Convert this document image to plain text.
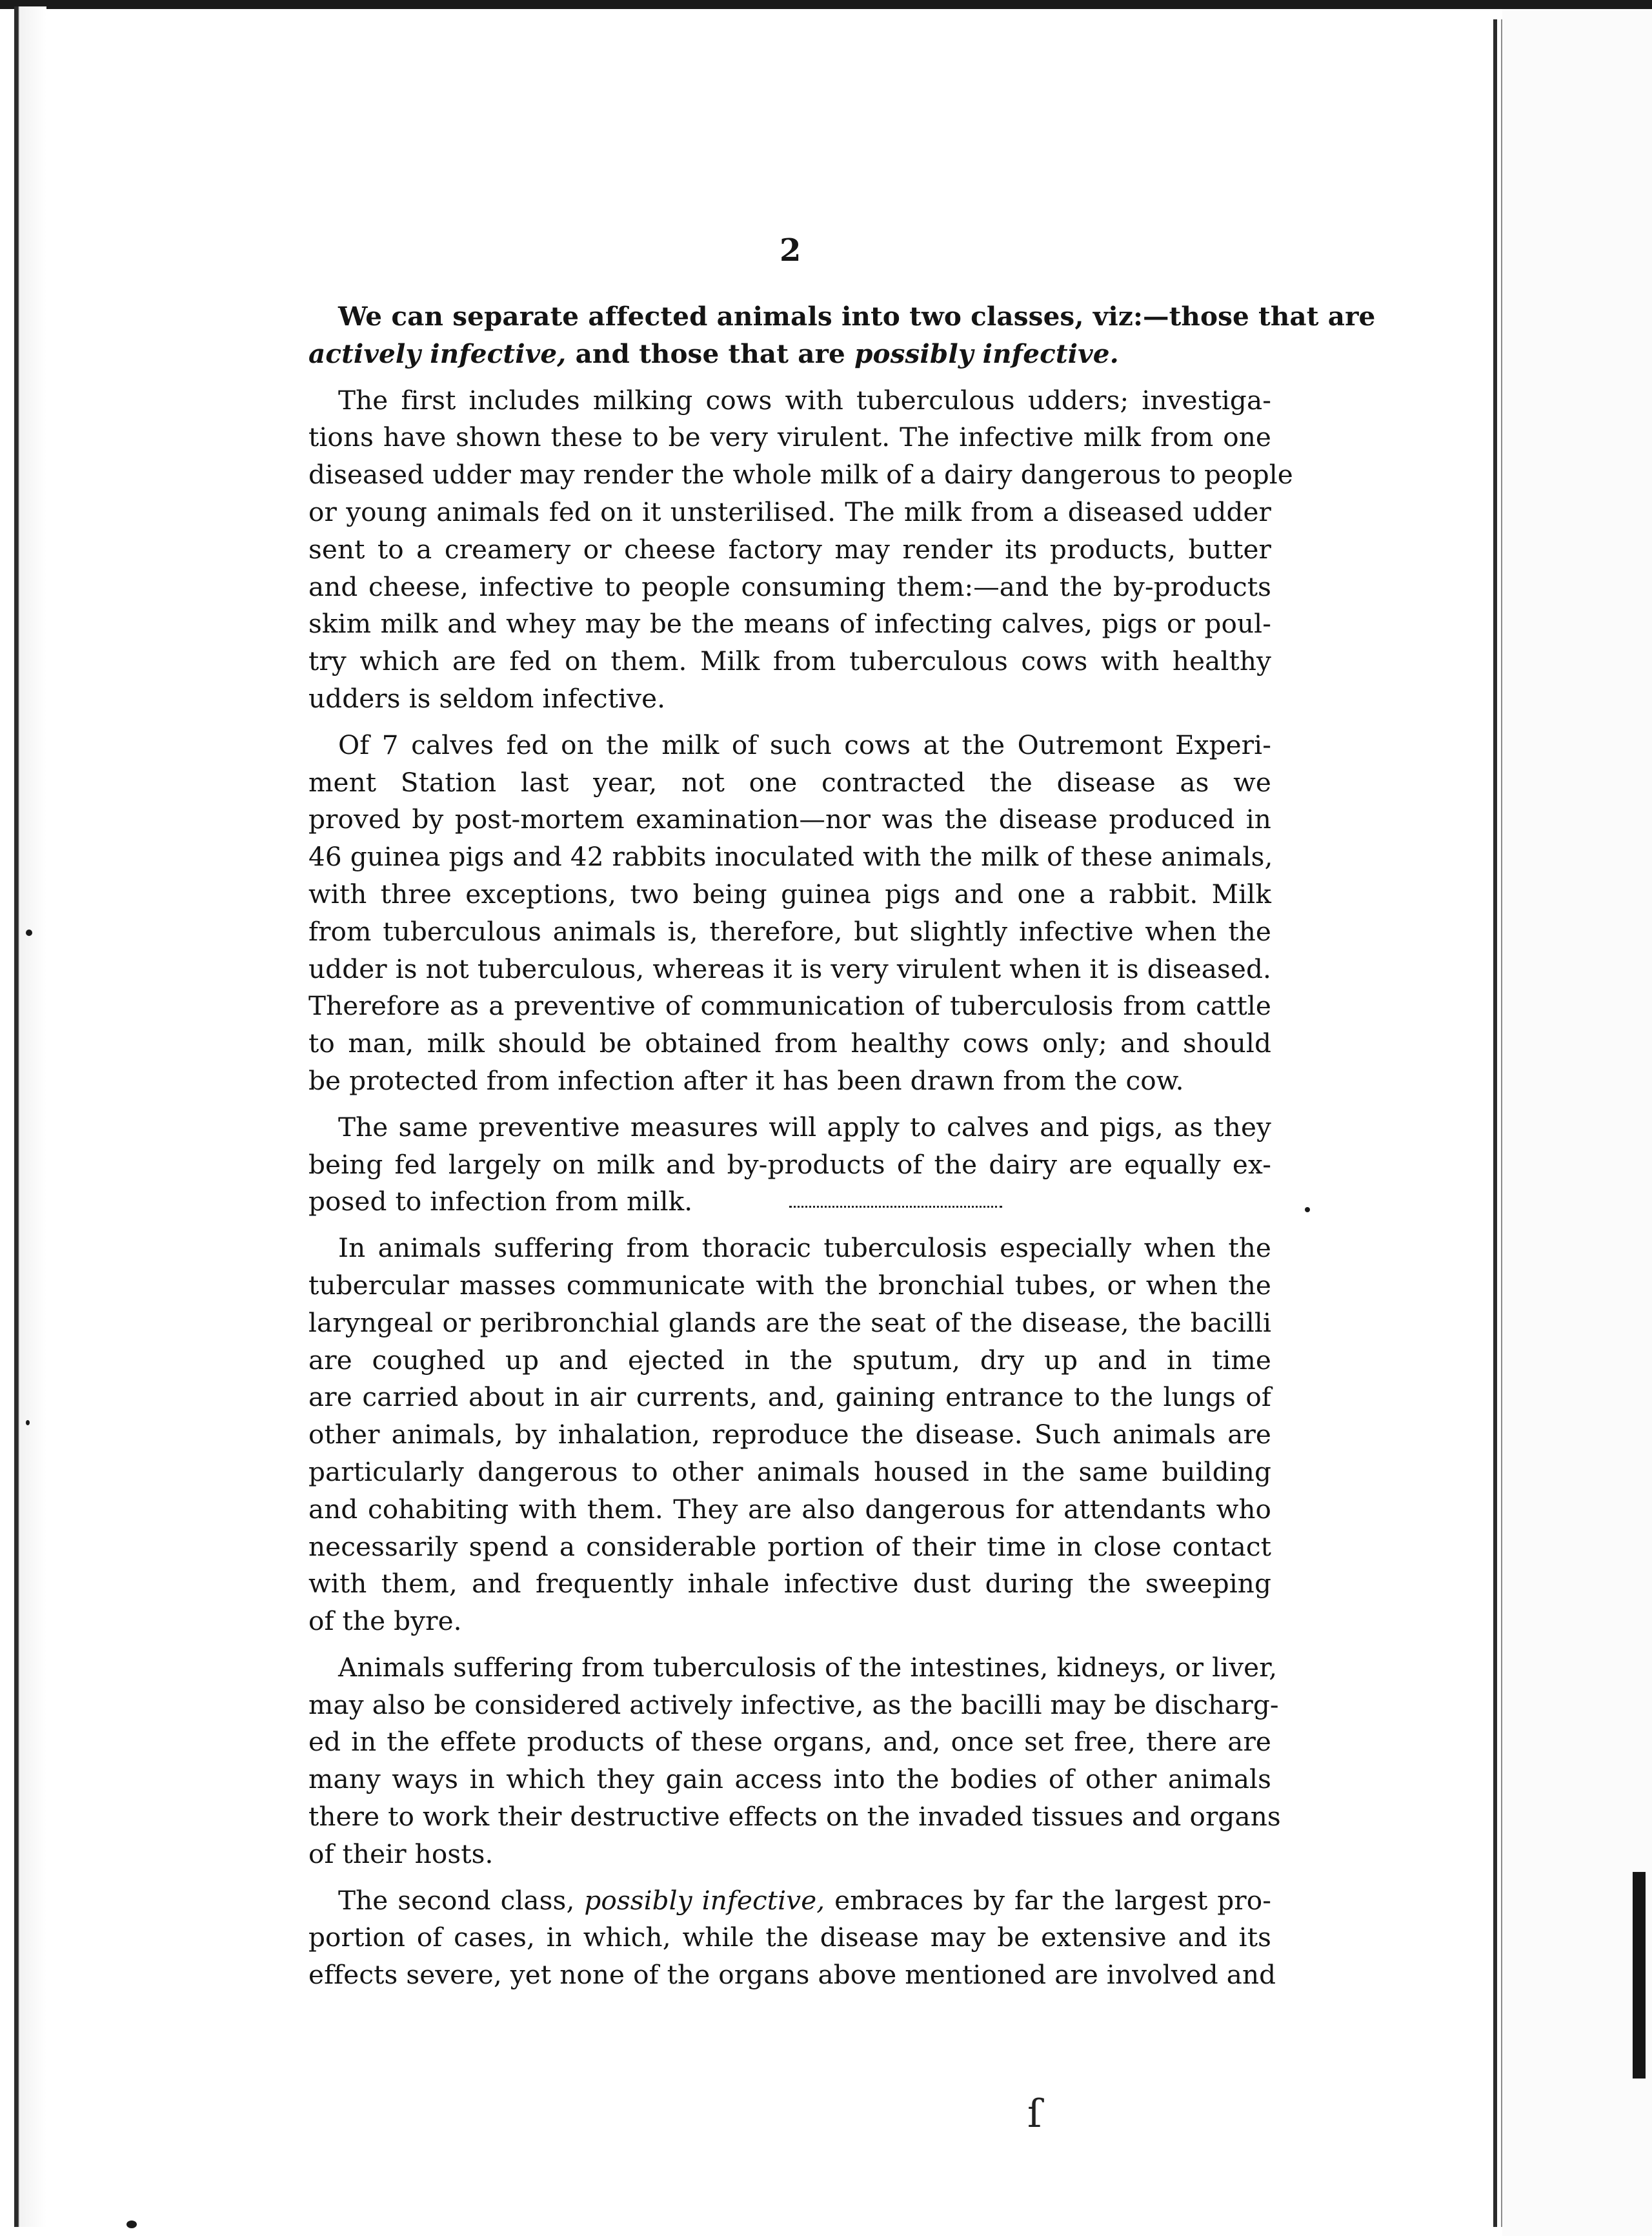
2
We can separate affected animals into two classes, viz:—those that are
actively infective, and those that are possibly infective.
The first includes milking cows with tuberculous udders; investiga-
tions have shown these to be very virulent. The infective milk from one
diseased udder may render the whole milk of a dairy dangerous to people
or young animals fed on it unsterilised. The milk from a diseased udder
sent to a creamery or cheese factory may render its products, butter
and cheese, infective to people consuming them:—and the by-products
skim milk and whey may be the means of infecting calves, pigs or poul-
try which are fed on them. Milk from tuberculous cows with healthy
udders is seldom infective.
Of 7 calves fed on the milk of such cows at the Outremont Experi-
ment Station last year, not one contracted the disease as we
proved by post-mortem examination—nor was the disease produced in
46 guinea pigs and 42 rabbits inoculated with the milk of these animals,
with three exceptions, two being guinea pigs and one a rabbit. Milk
from tuberculous animals is, therefore, but slightly infective when the
udder is not tuberculous, whereas it is very virulent when it is diseased.
Therefore as a preventive of communication of tuberculosis from cattle
to man, milk should be obtained from healthy cows only; and should
be protected from infection after it has been drawn from the cow.
The same preventive measures will apply to calves and pigs, as they
being fed largely on milk and by-products of the dairy are equally ex-
posed to infection from milk.
In animals suffering from thoracic tuberculosis especially when the
tubercular masses communicate with the bronchial tubes, or when the
laryngeal or peribronchial glands are the seat of the disease, the bacilli
are coughed up and ejected in the sputum, dry up and in time
are carried about in air currents, and, gaining entrance to the lungs of
other animals, by inhalation, reproduce the disease. Such animals are
particularly dangerous to other animals housed in the same building
and cohabiting with them. They are also dangerous for attendants who
necessarily spend a considerable portion of their time in close contact
with them, and frequently inhale infective dust during the sweeping
of the byre.
Animals suffering from tuberculosis of the intestines, kidneys, or liver,
may also be considered actively infective, as the bacilli may be discharg-
ed in the effete products of these organs, and, once set free, there are
many ways in which they gain access into the bodies of other animals
there to work their destructive effects on the invaded tissues and organs
of their hosts.
The second class, possibly infective, embraces by far the largest pro-
portion of cases, in which, while the disease may be extensive and its
effects severe, yet none of the organs above mentioned are involved and
ſ
